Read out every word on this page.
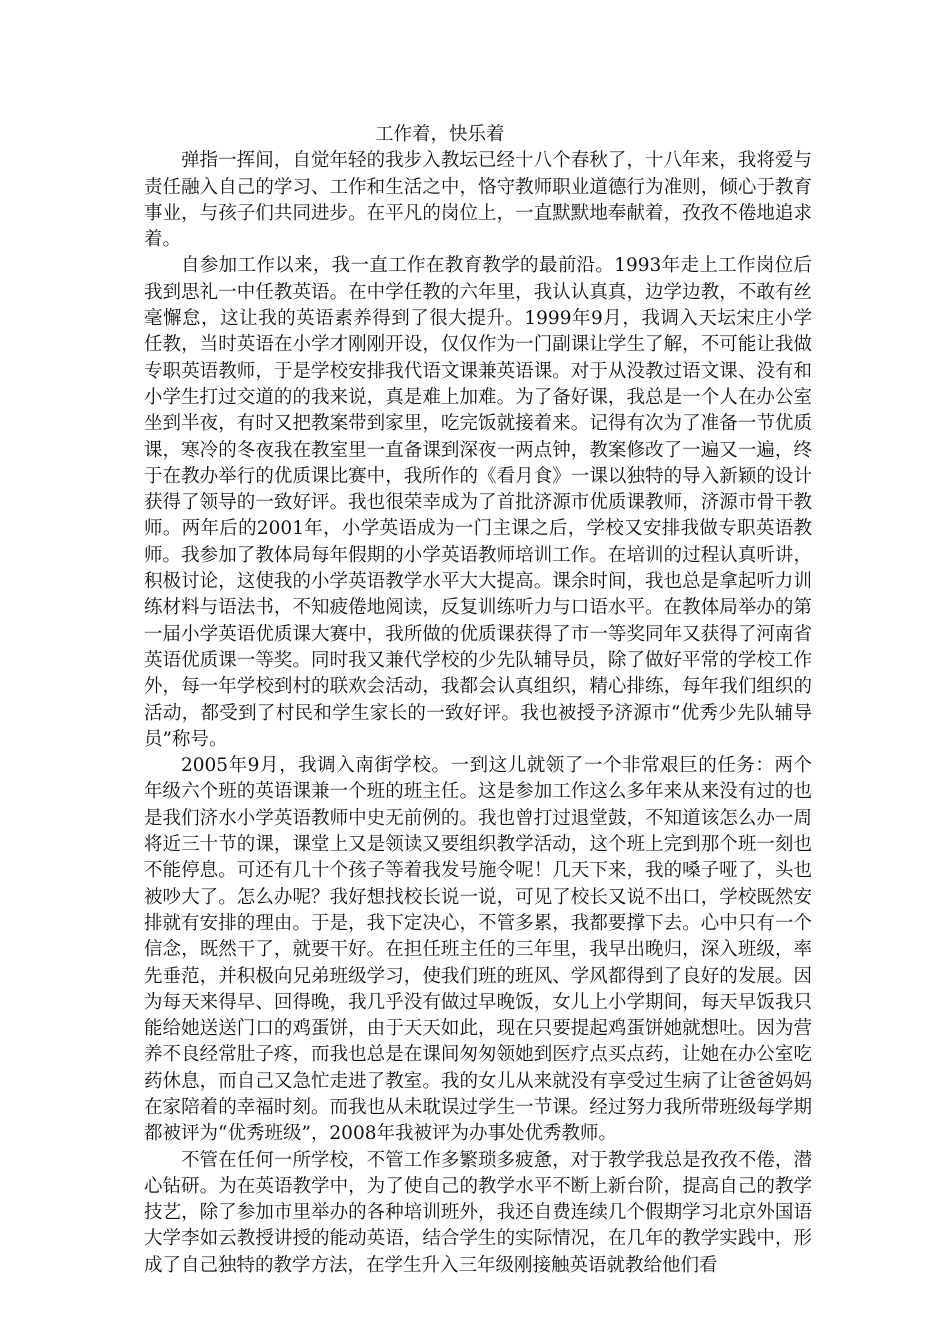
工作着，快乐着

弹指一挥间，自觉年轻的我步入教坛已经十八个春秋了，十八年来，我将爱与责任融入自己的学习、工作和生活之中，恪守教师职业道德行为准则，倾心于教育事业，与孩子们共同进步。在平凡的岗位上，一直默默地奉献着，孜孜不倦地追求着。

自参加工作以来，我一直工作在教育教学的最前沿。1993年走上工作岗位后我到思礼一中任教英语。在中学任教的六年里，我认认真真，边学边教，不敢有丝毫懈怠，这让我的英语素养得到了很大提升。1999年9月，我调入天坛宋庄小学任教，当时英语在小学才刚刚开设，仅仅作为一门副课让学生了解，不可能让我做专职英语教师，于是学校安排我代语文课兼英语课。对于从没教过语文课、没有和小学生打过交道的的我来说，真是难上加难。为了备好课，我总是一个人在办公室坐到半夜，有时又把教案带到家里，吃完饭就接着来。记得有次为了准备一节优质课，寒冷的冬夜我在教室里一直备课到深夜一两点钟，教案修改了一遍又一遍，终于在教办举行的优质课比赛中，我所作的《看月食》一课以独特的导入新颖的设计获得了领导的一致好评。我也很荣幸成为了首批济源市优质课教师，济源市骨干教师。两年后的2001年，小学英语成为一门主课之后，学校又安排我做专职英语教师。我参加了教体局每年假期的小学英语教师培训工作。在培训的过程认真听讲，积极讨论，这使我的小学英语教学水平大大提高。课余时间，我也总是拿起听力训练材料与语法书，不知疲倦地阅读，反复训练听力与口语水平。在教体局举办的第一届小学英语优质课大赛中，我所做的优质课获得了市一等奖同年又获得了河南省英语优质课一等奖。同时我又兼代学校的少先队辅导员，除了做好平常的学校工作外，每一年学校到村的联欢会活动，我都会认真组织，精心排练，每年我们组织的活动，都受到了村民和学生家长的一致好评。我也被授予济源市“优秀少先队辅导员”称号。

2005年9月，我调入南街学校。一到这儿就领了一个非常艰巨的任务：两个年级六个班的英语课兼一个班的班主任。这是参加工作这么多年来从来没有过的也是我们济水小学英语教师中史无前例的。我也曾打过退堂鼓，不知道该怎么办一周将近三十节的课，课堂上又是领读又要组织教学活动，这个班上完到那个班一刻也不能停息。可还有几十个孩子等着我发号施令呢！几天下来，我的嗓子哑了，头也被吵大了。怎么办呢？我好想找校长说一说，可见了校长又说不出口，学校既然安排就有安排的理由。于是，我下定决心，不管多累，我都要撑下去。心中只有一个信念，既然干了，就要干好。在担任班主任的三年里，我早出晚归，深入班级，率先垂范，并积极向兄弟班级学习，使我们班的班风、学风都得到了良好的发展。因为每天来得早、回得晚，我几乎没有做过早晚饭，女儿上小学期间，每天早饭我只能给她送送门口的鸡蛋饼，由于天天如此，现在只要提起鸡蛋饼她就想吐。因为营养不良经常肚子疼，而我也总是在课间匆匆领她到医疗点买点药，让她在办公室吃药休息，而自己又急忙走进了教室。我的女儿从来就没有享受过生病了让爸爸妈妈在家陪着的幸福时刻。而我也从未耽误过学生一节课。经过努力我所带班级每学期都被评为“优秀班级”，2008年我被评为办事处优秀教师。

不管在任何一所学校，不管工作多繁琐多疲惫，对于教学我总是孜孜不倦，潜心钻研。为在英语教学中，为了使自己的教学水平不断上新台阶，提高自己的教学技艺，除了参加市里举办的各种培训班外，我还自费连续几个假期学习北京外国语大学李如云教授讲授的能动英语，结合学生的实际情况，在几年的教学实践中，形成了自己独特的教学方法，在学生升入三年级刚接触英语就教给他们看
